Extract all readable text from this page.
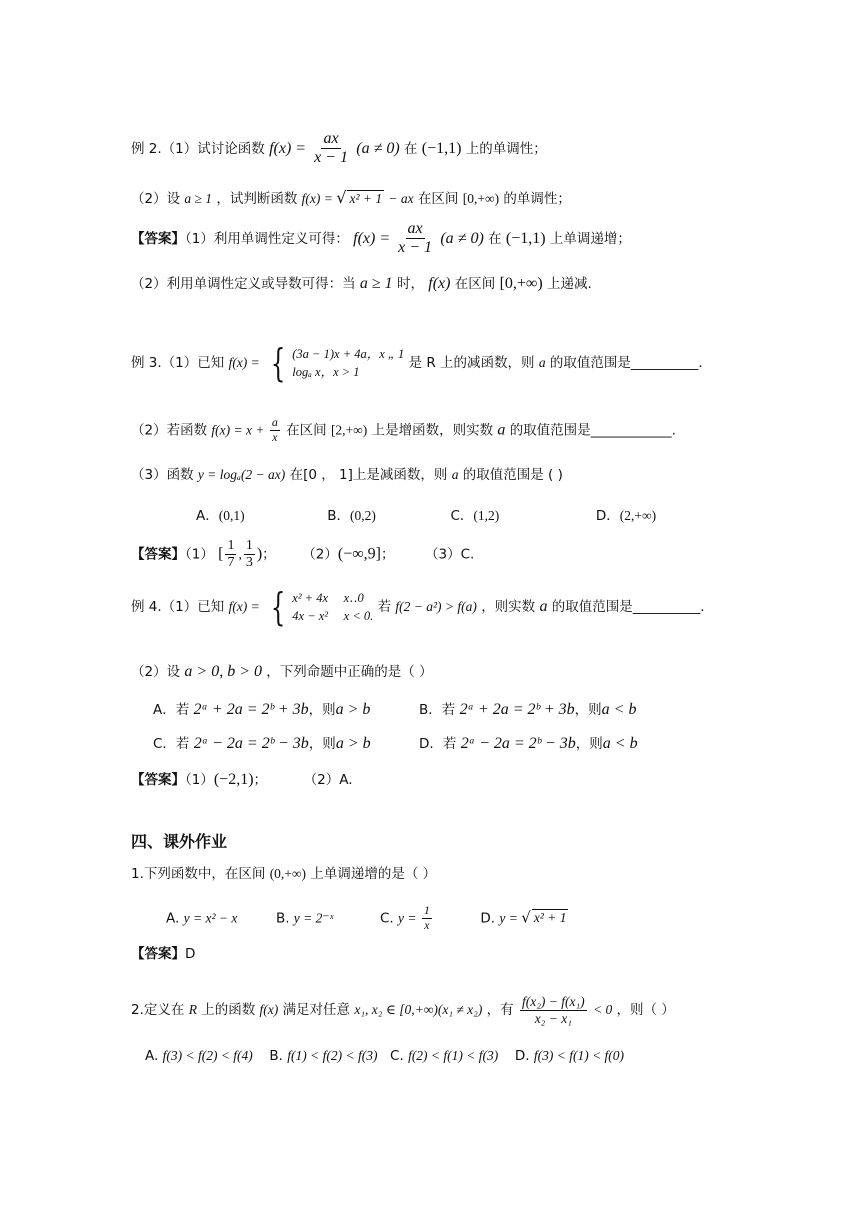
例 2.（1）试讨论函数 $f(x) = \frac{ax}{x - 1} (a \ne 0)$ 在 (−1,1) 上的单调性；
（2）设 a ≥ 1 ，试判断函数 f(x) = √ x² + 1 − ax 在区间 [0,+∞) 的单调性；
【答案】（1）利用单调性定义可得： $f(x) = \frac{ax}{x - 1} (a \ne 0)$ 在 (−1,1) 上单调递增；
（2）利用单调性定义或导数可得：当 a ≥ 1 时， f(x) 在区间 [0,+∞) 上递减.
例 3.（1）已知 f(x) = { (3a − 1)x + 4a，x „ 1
logₐ x，x > 1
是 R 上的减函数，则 a 的取值范围是__________.
（2）若函数 $f(x) = x + \frac{a}{x}$ 在区间 [2,+∞) 上是增函数，则实数 a 的取值范围是____________.
（3）函数 y = logₐ(2 − ax) 在[0 ， 1]上是减函数，则 a 的取值范围是 ( )
A．(0,1)	B．(0,2)	C．(1,2)	D．(2,+∞)
【答案】（1） [ $\frac{1}{7}$ , $\frac{1}{3}$ )； （2）(−∞,9]； （3）C.
例 4.（1）已知 f(x) = { x² + 4x     x‥0
4x − x²     x < 0.
若 f(2 − a²) > f(a) ，则实数 a 的取值范围是__________.
（2）设 a > 0, b > 0 ，下列命题中正确的是（ ）
A．若 2ᵃ + 2a = 2ᵇ + 3b，则a > b	B．若 2ᵃ + 2a = 2ᵇ + 3b，则a < b
C．若 2ᵃ − 2a = 2ᵇ − 3b，则a > b	D．若 2ᵃ − 2a = 2ᵇ − 3b，则a < b
【答案】（1）(−2,1)；	（2）A.
四、课外作业
1.下列函数中，在区间 (0,+∞) 上单调递增的是（ ）
A. y = x² − x	B. y = 2⁻ˣ	C. $y = \frac{1}{x}$	D. y = √ x² + 1
【答案】D
2.定义在 R 上的函数 f(x) 满足对任意 x₁, x₂ ∈ [0,+∞)(x₁ ≠ x₂) ，有 $\frac{\text{f(x₂) − f(x₁)}}{\text{x₂ − x₁}} < 0$ ，则（ ）
A. f(3) < f(2) < f(4) B. f(1) < f(2) < f(3) C. f(2) < f(1) < f(3) D. f(3) < f(1) < f(0)
